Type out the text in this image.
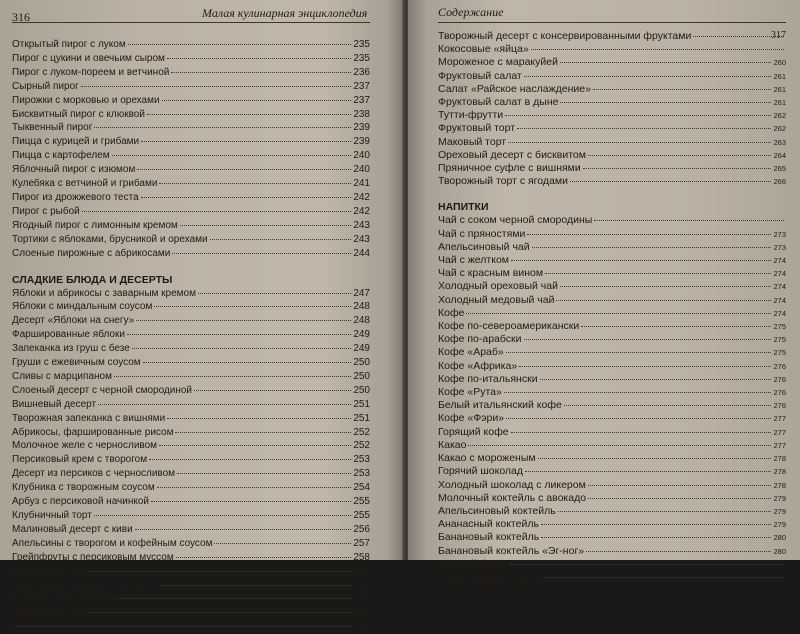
316	Малая кулинарная энциклопедия
Открытый пирог с луком	235
Пирог с цукини и овечьим сыром	235
Пирог с луком-пореем и ветчиной	236
Сырный пирог	237
Пирожки с морковью и орехами	237
Бисквитный пирог с клюквой	238
Тыквенный пирог	239
Пицца с курицей и грибами	239
Пицца с картофелем	240
Яблочный пирог с изюмом	240
Кулебяка с ветчиной и грибами	241
Пирог из дрожжевого теста	242
Пирог с рыбой	242
Ягодный пирог с лимонным кремом	243
Тортики с яблоками, брусникой и орехами	243
Слоеные пирожные с абрикосами	244
СЛАДКИЕ БЛЮДА И ДЕСЕРТЫ
Яблоки и абрикосы с заварным кремом	247
Яблоки с миндальным соусом	248
Десерт «Яблоки на снегу»	248
Фаршированные яблоки	249
Запеканка из груш с безе	249
Груши с ежевичным соусом	250
Сливы с марципаном	250
Слоеный десерт с черной смородиной	250
Вишневый десерт	251
Творожная запеканка с вишнями	251
Абрикосы, фаршированные рисом	252
Молочное желе с черносливом	252
Персиковый крем с творогом	253
Десерт из персиков с черносливом	253
Клубника с творожным соусом	254
Арбуз с персиковой начинкой	255
Клубничный торт	255
Малиновый десерт с киви	256
Апельсины с творогом и кофейным соусом	257
Грейпфруты с персиковым муссом	258
Банановый торт	258
Запеченные бананы с творогом	258
Бананы с мороженым	259
Ананасный торт	259
260
Содержание
317
Творожный десерт с консервированными фруктами
Кокосовые «яйца»
Мороженое с маракуйей	260
Фруктовый салат	261
Салат «Райское наслаждение»	261
Фруктовый салат в дыне	261
Тутти-фрутти	262
Фруктовый торт	262
Маковый торт	263
Ореховый десерт с бисквитом	264
Пряничное суфле с вишнями	265
Творожный торт с ягодами	266
НАПИТКИ
Чай с соком черной смородины
Чай с пряностями	273
Апельсиновый чай	273
Чай с желтком	274
Чай с красным вином	274
Холодный ореховый чай	274
Холодный медовый чай	274
Кофе	274
Кофе по-североамерикански	275
Кофе по-арабски	275
Кофе «Араб»	275
Кофе «Африка»	276
Кофе по-итальянски	276
Кофе «Рута»	276
Белый итальянский кофе	276
Кофе «Фэри»	277
Горящий кофе	277
Какао	277
Какао с мороженым	278
Горячий шоколад	278
Холодный шоколад с ликером	278
Молочный коктейль с авокадо	279
Апельсиновый коктейль	279
Ананасный коктейль	279
Банановый коктейль	280
Банановый коктейль «Эг-ног»	280
Детский боуль
Клубничный коктейль
